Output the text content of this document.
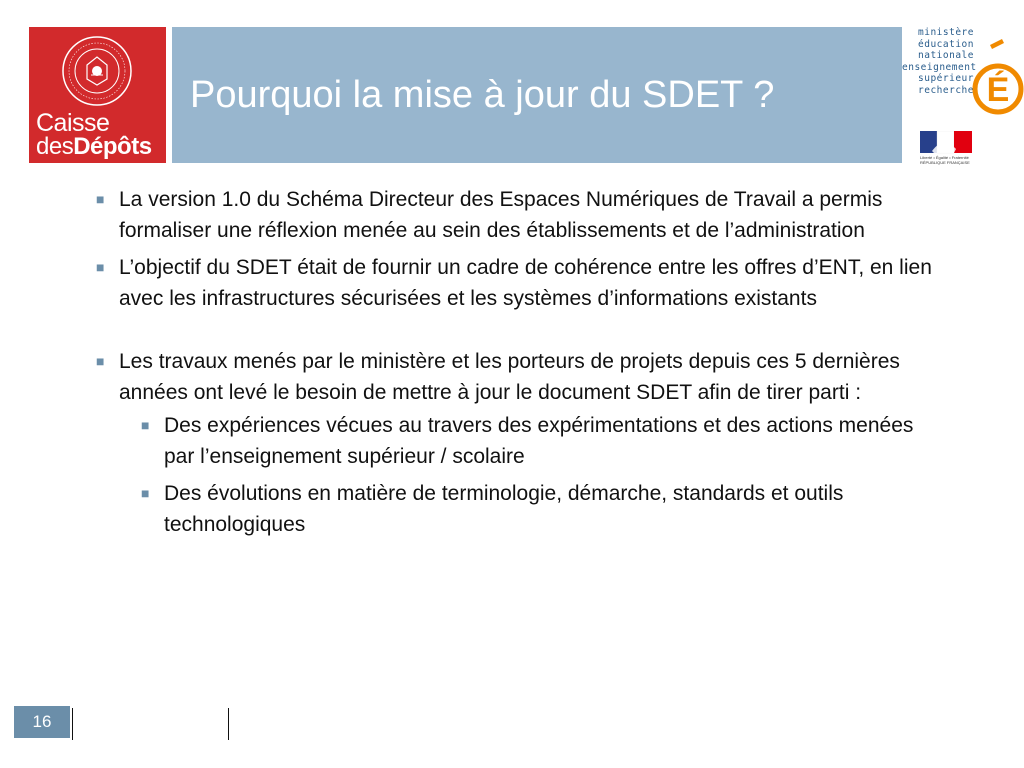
Caisse
desDépôts
Pourquoi la mise à jour du SDET ?
ministère
éducation
nationale
enseignement
supérieur
recherche É
Liberté • Égalité • Fraternité
RÉPUBLIQUE FRANÇAISE
■ La version 1.0 du Schéma Directeur des Espaces Numériques de Travail a permis formaliser une réflexion menée au sein des établissements et de l’administration
■ L’objectif du SDET était de fournir un cadre de cohérence entre les offres d’ENT, en lien avec les infrastructures sécurisées et les systèmes d’informations existants
■ Les travaux menés par le ministère et les porteurs de projets depuis ces 5 dernières années ont levé le besoin de mettre à jour le document SDET afin de tirer parti :
■ Des expériences vécues au travers des expérimentations et des actions menées par l’enseignement supérieur / scolaire
■ Des évolutions en matière de terminologie, démarche, standards et outils technologiques
16
